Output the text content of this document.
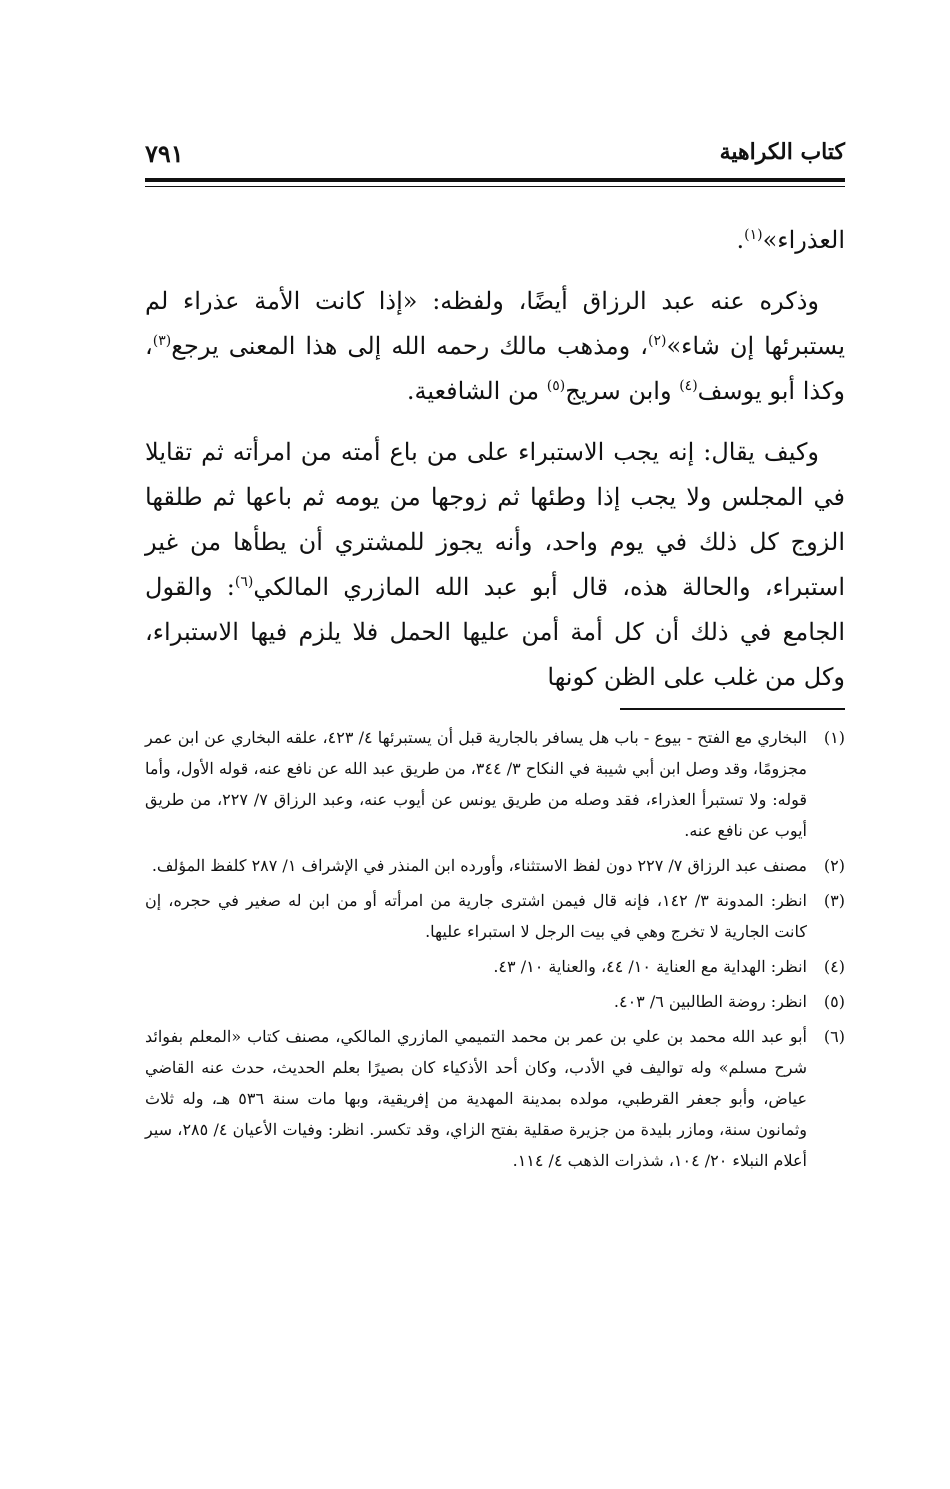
كتاب الكراهية
٧٩١

العذراء»$^{(١)}$.

وذكره عنه عبد الرزاق أيضًا، ولفظه: «إذا كانت الأمة عذراء لم يستبرئها إن شاء»$^{(٢)}$، ومذهب مالك رحمه الله إلى هذا المعنى يرجع$^{(٣)}$، وكذا أبو يوسف$^{(٤)}$ وابن سريج$^{(٥)}$ من الشافعية.

وكيف يقال: إنه يجب الاستبراء على من باع أمته من امرأته ثم تقايلا في المجلس ولا يجب إذا وطئها ثم زوجها من يومه ثم باعها ثم طلقها الزوج كل ذلك في يوم واحد، وأنه يجوز للمشتري أن يطأها من غير استبراء، والحالة هذه، قال أبو عبد الله المازري المالكي$^{(٦)}$: والقول الجامع في ذلك أن كل أمة أمن عليها الحمل فلا يلزم فيها الاستبراء، وكل من غلب على الظن كونها

(١)
البخاري مع الفتح - بيوع - باب هل يسافر بالجارية قبل أن يستبرئها ٤/ ٤٢٣، علقه البخاري عن ابن عمر مجزومًا، وقد وصل ابن أبي شيبة في النكاح ٣/ ٣٤٤، من طريق عبد الله عن نافع عنه، قوله الأول، وأما قوله: ولا تستبرأ العذراء، فقد وصله من طريق يونس عن أيوب عنه، وعبد الرزاق ٧/ ٢٢٧، من طريق أيوب عن نافع عنه.
(٢)
مصنف عبد الرزاق ٧/ ٢٢٧ دون لفظ الاستثناء، وأورده ابن المنذر في الإشراف ١/ ٢٨٧ كلفظ المؤلف.
(٣)
انظر: المدونة ٣/ ١٤٢، فإنه قال فيمن اشترى جارية من امرأته أو من ابن له صغير في حجره، إن كانت الجارية لا تخرج وهي في بيت الرجل لا استبراء عليها.
(٤)
انظر: الهداية مع العناية ١٠/ ٤٤، والعناية ١٠/ ٤٣.
(٥)
انظر: روضة الطالبين ٦/ ٤٠٣.
(٦)
أبو عبد الله محمد بن علي بن عمر بن محمد التميمي المازري المالكي، مصنف كتاب «المعلم بفوائد شرح مسلم» وله تواليف في الأدب، وكان أحد الأذكياء كان بصيرًا بعلم الحديث، حدث عنه القاضي عياض، وأبو جعفر القرطبي، مولده بمدينة المهدية من إفريقية، وبها مات سنة ٥٣٦ هـ، وله ثلاث وثمانون سنة، ومازر بليدة من جزيرة صقلية بفتح الزاي، وقد تكسر. انظر: وفيات الأعيان ٤/ ٢٨٥، سير أعلام النبلاء ٢٠/ ١٠٤، شذرات الذهب ٤/ ١١٤.
